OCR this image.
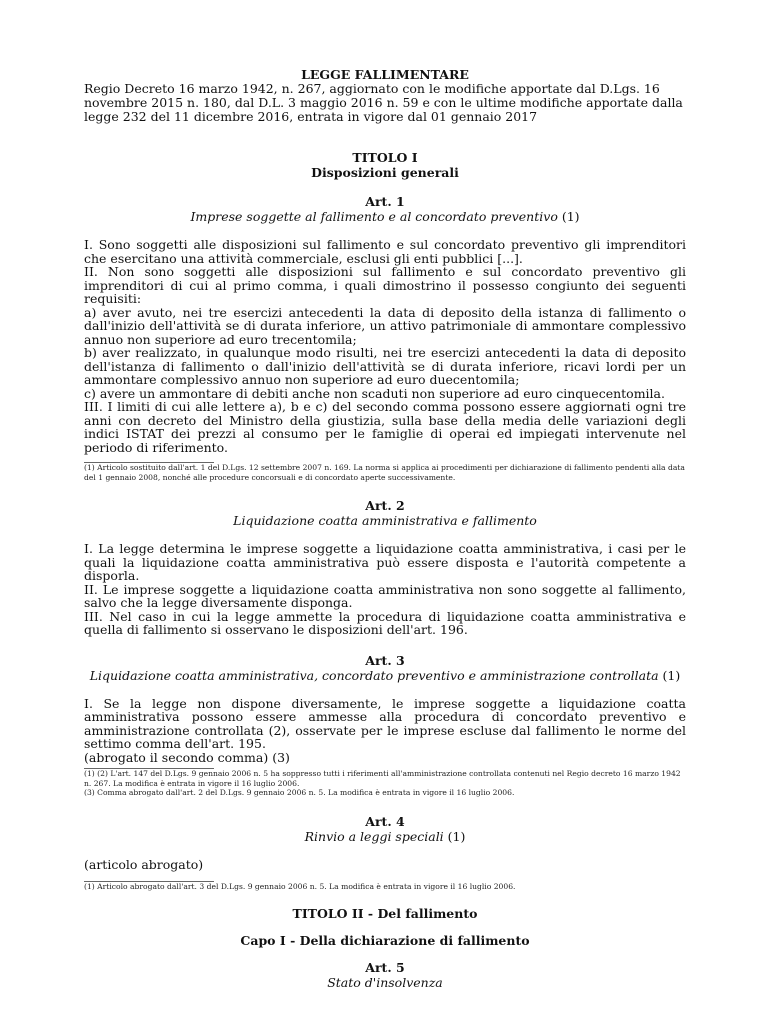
LEGGE FALLIMENTARE

Regio Decreto 16 marzo 1942, n. 267, aggiornato con le modifiche apportate dal D.Lgs. 16 novembre 2015 n. 180, dal D.L. 3 maggio 2016 n. 59 e con le ultime modifiche apportate dalla legge 232 del 11 dicembre 2016, entrata in vigore dal 01 gennaio 2017

TITOLO I
Disposizioni generali
Art. 1
Imprese soggette al fallimento e al concordato preventivo (1)

I. Sono soggetti alle disposizioni sul fallimento e sul concordato preventivo gli imprenditori che esercitano una attività commerciale, esclusi gli enti pubblici [...].

II. Non sono soggetti alle disposizioni sul fallimento e sul concordato preventivo gli imprenditori di cui al primo comma, i quali dimostrino il possesso congiunto dei seguenti requisiti:

a) aver avuto, nei tre esercizi antecedenti la data di deposito della istanza di fallimento o dall'inizio dell'attività se di durata inferiore, un attivo patrimoniale di ammontare complessivo annuo non superiore ad euro trecentomila;

b) aver realizzato, in qualunque modo risulti, nei tre esercizi antecedenti la data di deposito dell'istanza di fallimento o dall'inizio dell'attività se di durata inferiore, ricavi lordi per un ammontare complessivo annuo non superiore ad euro duecentomila;

c) avere un ammontare di debiti anche non scaduti non superiore ad euro cinquecentomila.

III. I limiti di cui alle lettere a), b e c) del secondo comma possono essere aggiornati ogni tre anni con decreto del Ministro della giustizia, sulla base della media delle variazioni degli indici ISTAT dei prezzi al consumo per le famiglie di operai ed impiegati intervenute nel periodo di riferimento.

(1) Articolo sostituito dall'art. 1 del D.Lgs. 12 settembre 2007 n. 169. La norma si applica ai procedimenti per dichiarazione di fallimento pendenti alla data del 1 gennaio 2008, nonché alle procedure concorsuali e di concordato aperte successivamente.

Art. 2
Liquidazione coatta amministrativa e fallimento

I. La legge determina le imprese soggette a liquidazione coatta amministrativa, i casi per le quali la liquidazione coatta amministrativa può essere disposta e l'autorità competente a disporla.

II. Le imprese soggette a liquidazione coatta amministrativa non sono soggette al fallimento, salvo che la legge diversamente disponga.

III. Nel caso in cui la legge ammette la procedura di liquidazione coatta amministrativa e quella di fallimento si osservano le disposizioni dell'art. 196.

Art. 3
Liquidazione coatta amministrativa, concordato preventivo e amministrazione controllata (1)

I. Se la legge non dispone diversamente, le imprese soggette a liquidazione coatta amministrativa possono essere ammesse alla procedura di concordato preventivo e amministrazione controllata (2), osservate per le imprese escluse dal fallimento le norme del settimo comma dell'art. 195.

(abrogato il secondo comma) (3)

(1) (2) L'art. 147 del D.Lgs. 9 gennaio 2006 n. 5 ha soppresso tutti i riferimenti all'amministrazione controllata contenuti nel Regio decreto 16 marzo 1942 n. 267. La modifica è entrata in vigore il 16 luglio 2006.

(3) Comma abrogato dall'art. 2 del D.Lgs. 9 gennaio 2006 n. 5. La modifica è entrata in vigore il 16 luglio 2006.

Art. 4
Rinvio a leggi speciali (1)

(articolo abrogato)

(1) Articolo abrogato dall'art. 3 del D.Lgs. 9 gennaio 2006 n. 5. La modifica è entrata in vigore il 16 luglio 2006.

TITOLO II - Del fallimento
Capo I - Della dichiarazione di fallimento
Art. 5
Stato d'insolvenza
